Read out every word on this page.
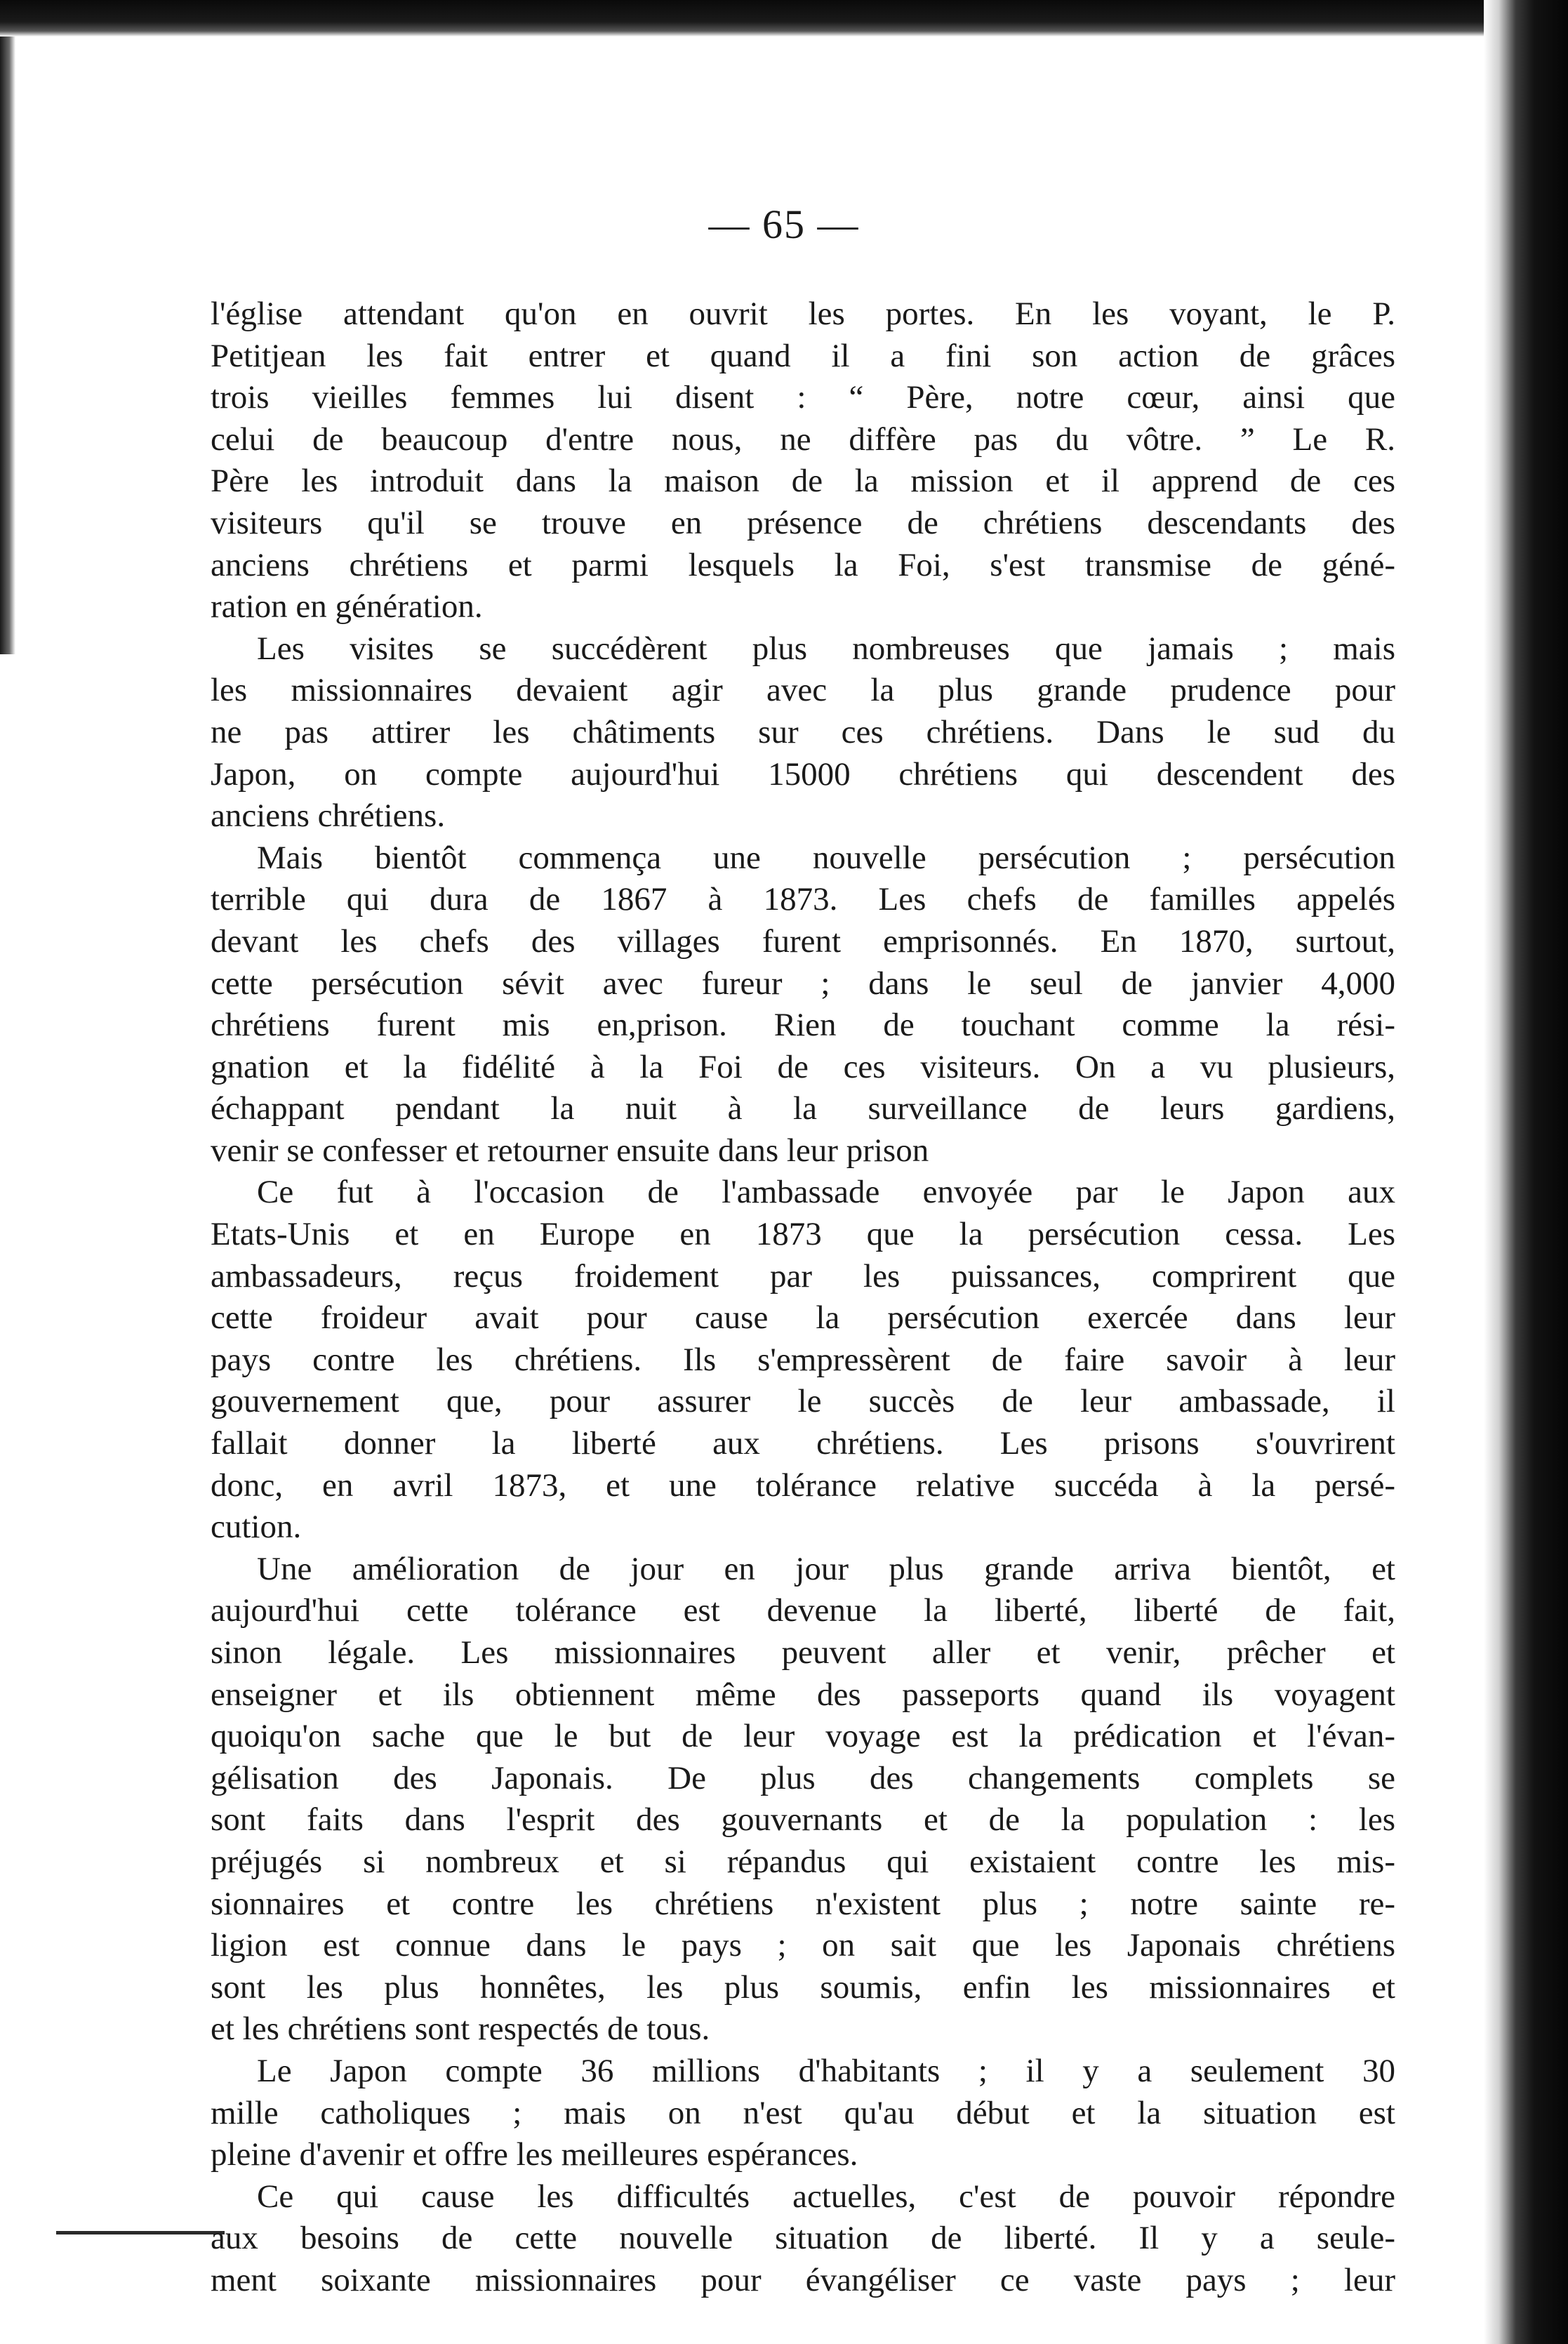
— 65 —
l'église attendant qu'on en ouvrit les portes. En les voyant, le P.
Petitjean les fait entrer et quand il a fini son action de grâces
trois vieilles femmes lui disent : “ Père, notre cœur, ainsi que
celui de beaucoup d'entre nous, ne diffère pas du vôtre. ” Le R.
Père les introduit dans la maison de la mission et il apprend de ces
visiteurs qu'il se trouve en présence de chrétiens descendants des
anciens chrétiens et parmi lesquels la Foi, s'est transmise de géné-
ration en génération.
Les visites se succédèrent plus nombreuses que jamais ; mais
les missionnaires devaient agir avec la plus grande prudence pour
ne pas attirer les châtiments sur ces chrétiens. Dans le sud du
Japon, on compte aujourd'hui 15000 chrétiens qui descendent des
anciens chrétiens.
Mais bientôt commença une nouvelle persécution ; persécution
terrible qui dura de 1867 à 1873. Les chefs de familles appelés
devant les chefs des villages furent emprisonnés. En 1870, surtout,
cette persécution sévit avec fureur ; dans le seul de janvier 4,000
chrétiens furent mis en,prison. Rien de touchant comme la rési-
gnation et la fidélité à la Foi de ces visiteurs. On a vu plusieurs,
échappant pendant la nuit à la surveillance de leurs gardiens,
venir se confesser et retourner ensuite dans leur prison
Ce fut à l'occasion de l'ambassade envoyée par le Japon aux
Etats-Unis et en Europe en 1873 que la persécution cessa. Les
ambassadeurs, reçus froidement par les puissances, comprirent que
cette froideur avait pour cause la persécution exercée dans leur
pays contre les chrétiens. Ils s'empressèrent de faire savoir à leur
gouvernement que, pour assurer le succès de leur ambassade, il
fallait donner la liberté aux chrétiens. Les prisons s'ouvrirent
donc, en avril 1873, et une tolérance relative succéda à la persé-
cution.
Une amélioration de jour en jour plus grande arriva bientôt, et
aujourd'hui cette tolérance est devenue la liberté, liberté de fait,
sinon légale. Les missionnaires peuvent aller et venir, prêcher et
enseigner et ils obtiennent même des passeports quand ils voyagent
quoiqu'on sache que le but de leur voyage est la prédication et l'évan-
gélisation des Japonais. De plus des changements complets se
sont faits dans l'esprit des gouvernants et de la population : les
préjugés si nombreux et si répandus qui existaient contre les mis-
sionnaires et contre les chrétiens n'existent plus ; notre sainte re-
ligion est connue dans le pays ; on sait que les Japonais chrétiens
sont les plus honnêtes, les plus soumis, enfin les missionnaires et
et les chrétiens sont respectés de tous.
Le Japon compte 36 millions d'habitants ; il y a seulement 30
mille catholiques ; mais on n'est qu'au début et la situation est
pleine d'avenir et offre les meilleures espérances.
Ce qui cause les difficultés actuelles, c'est de pouvoir répondre
aux besoins de cette nouvelle situation de liberté. Il y a seule-
ment soixante missionnaires pour évangéliser ce vaste pays ; leur
